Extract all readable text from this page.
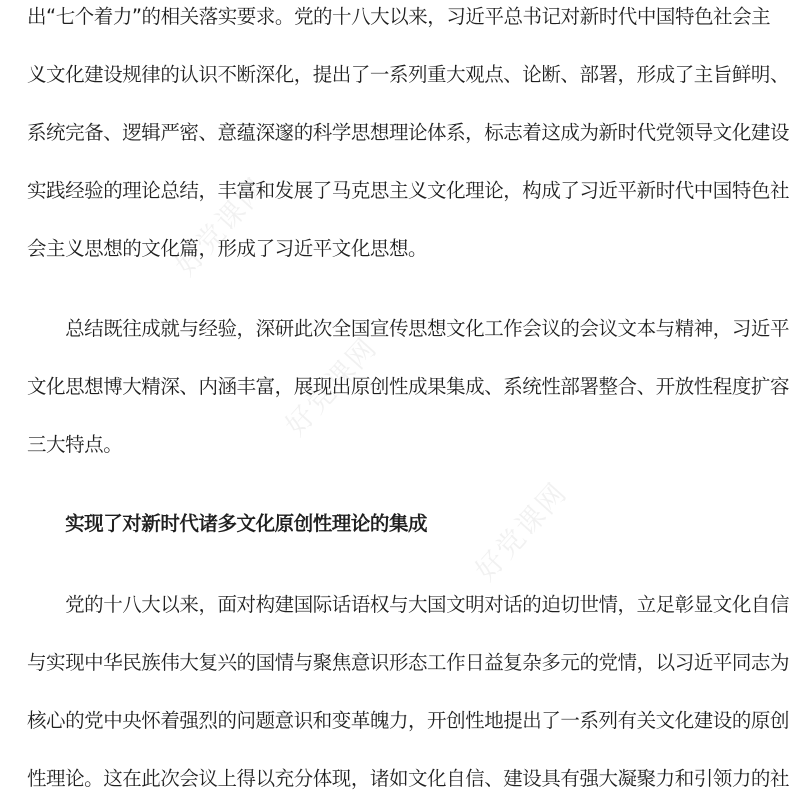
好党课网
好党课网
好党课网
出“七个着力”的相关落实要求。党的十八大以来，习近平总书记对新时代中国特色社会主
义文化建设规律的认识不断深化，提出了一系列重大观点、论断、部署，形成了主旨鲜明、
系统完备、逻辑严密、意蕴深邃的科学思想理论体系，标志着这成为新时代党领导文化建设
实践经验的理论总结，丰富和发展了马克思主义文化理论，构成了习近平新时代中国特色社
会主义思想的文化篇，形成了习近平文化思想。
　　总结既往成就与经验，深研此次全国宣传思想文化工作会议的会议文本与精神，习近平
文化思想博大精深、内涵丰富，展现出原创性成果集成、系统性部署整合、开放性程度扩容
三大特点。
　　实现了对新时代诸多文化原创性理论的集成
　　党的十八大以来，面对构建国际话语权与大国文明对话的迫切世情，立足彰显文化自信
与实现中华民族伟大复兴的国情与聚焦意识形态工作日益复杂多元的党情，以习近平同志为
核心的党中央怀着强烈的问题意识和变革魄力，开创性地提出了一系列有关文化建设的原创
性理论。这在此次会议上得以充分体现，诸如文化自信、建设具有强大凝聚力和引领力的社
